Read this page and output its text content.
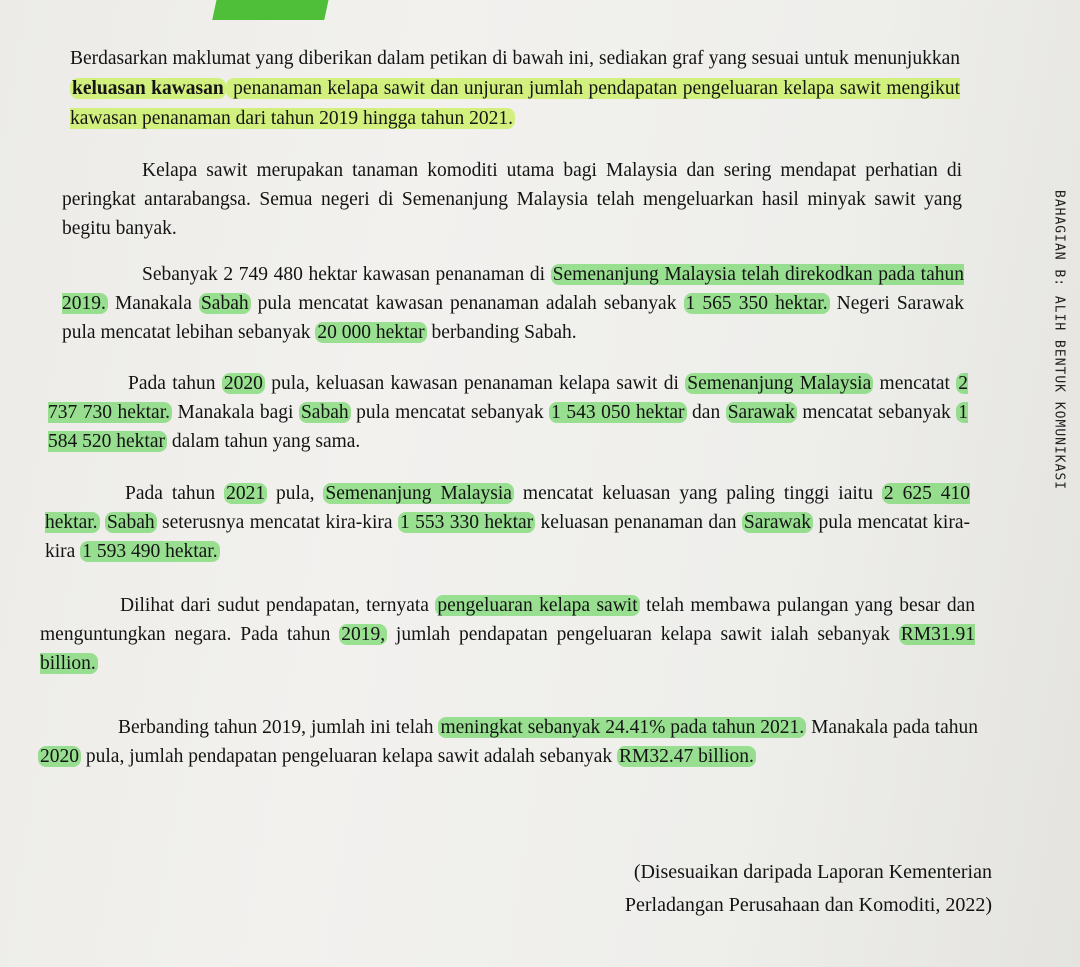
BAHAGIAN B: ALIH BENTUK KOMUNIKASI

Berdasarkan maklumat yang diberikan dalam petikan di bawah ini, sediakan graf yang sesuai untuk menunjukkan keluasan kawasan penanaman kelapa sawit dan unjuran jumlah pendapatan pengeluaran kelapa sawit mengikut kawasan penanaman dari tahun 2019 hingga tahun 2021.

Kelapa sawit merupakan tanaman komoditi utama bagi Malaysia dan sering mendapat perhatian di peringkat antarabangsa. Semua negeri di Semenanjung Malaysia telah mengeluarkan hasil minyak sawit yang begitu banyak.

Sebanyak 2 749 480 hektar kawasan penanaman di Semenanjung Malaysia telah direkodkan pada tahun 2019. Manakala Sabah pula mencatat kawasan penanaman adalah sebanyak 1 565 350 hektar. Negeri Sarawak pula mencatat lebihan sebanyak 20 000 hektar berbanding Sabah.

Pada tahun 2020 pula, keluasan kawasan penanaman kelapa sawit di Semenanjung Malaysia mencatat 2 737 730 hektar. Manakala bagi Sabah pula mencatat sebanyak 1 543 050 hektar dan Sarawak mencatat sebanyak 1 584 520 hektar dalam tahun yang sama.

Pada tahun 2021 pula, Semenanjung Malaysia mencatat keluasan yang paling tinggi iaitu 2 625 410 hektar. Sabah seterusnya mencatat kira-kira 1 553 330 hektar keluasan penanaman dan Sarawak pula mencatat kira-kira 1 593 490 hektar.

Dilihat dari sudut pendapatan, ternyata pengeluaran kelapa sawit telah membawa pulangan yang besar dan menguntungkan negara. Pada tahun 2019, jumlah pendapatan pengeluaran kelapa sawit ialah sebanyak RM31.91 billion.

Berbanding tahun 2019, jumlah ini telah meningkat sebanyak 24.41% pada tahun 2021. Manakala pada tahun 2020 pula, jumlah pendapatan pengeluaran kelapa sawit adalah sebanyak RM32.47 billion.

(Disesuaikan daripada Laporan Kementerian
Perladangan Perusahaan dan Komoditi, 2022)
